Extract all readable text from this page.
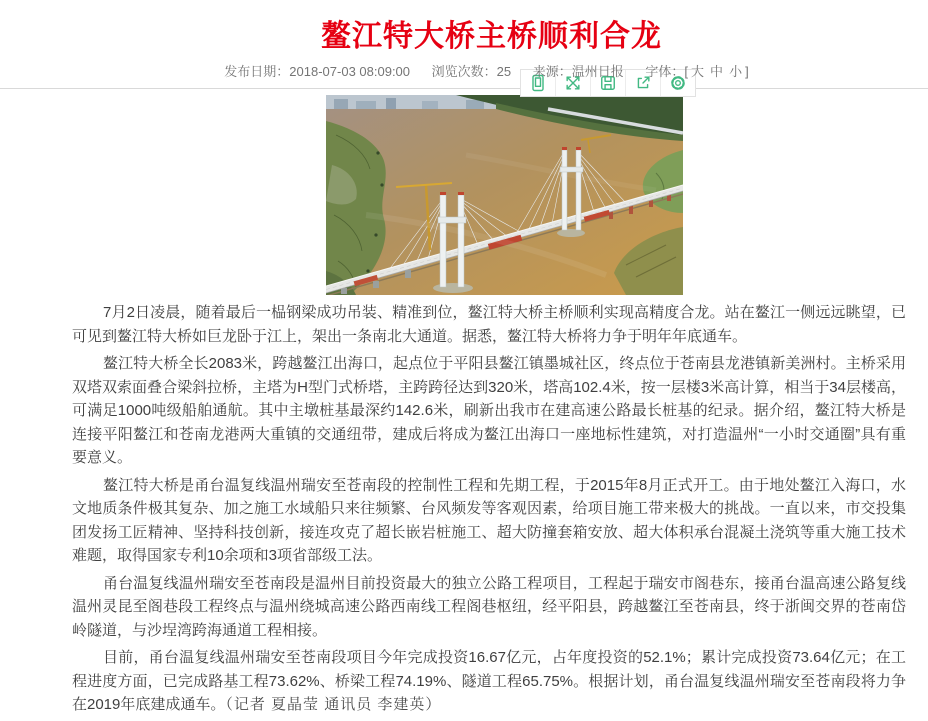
鳌江特大桥主桥顺利合龙
发布日期：2018-07-03 08:09:00 浏览次数：25 来源：温州日报 字体：[ 大 中 小 ]

7月2日凌晨，随着最后一榀钢梁成功吊装、精准到位，鳌江特大桥主桥顺利实现高精度合龙。站在鳌江一侧远远眺望，已可见到鳌江特大桥如巨龙卧于江上，架出一条南北大通道。据悉，鳌江特大桥将力争于明年年底通车。

鳌江特大桥全长2083米，跨越鳌江出海口，起点位于平阳县鳌江镇墨城社区，终点位于苍南县龙港镇新美洲村。主桥采用双塔双索面叠合梁斜拉桥，主塔为H型门式桥塔，主跨跨径达到320米，塔高102.4米，按一层楼3米高计算，相当于34层楼高，可满足1000吨级船舶通航。其中主墩桩基最深约142.6米，刷新出我市在建高速公路最长桩基的纪录。据介绍，鳌江特大桥是连接平阳鳌江和苍南龙港两大重镇的交通纽带，建成后将成为鳌江出海口一座地标性建筑，对打造温州“一小时交通圈”具有重要意义。

鳌江特大桥是甬台温复线温州瑞安至苍南段的控制性工程和先期工程，于2015年8月正式开工。由于地处鳌江入海口，水文地质条件极其复杂、加之施工水域船只来往频繁、台风频发等客观因素，给项目施工带来极大的挑战。一直以来，市交投集团发扬工匠精神、坚持科技创新，接连攻克了超长嵌岩桩施工、超大防撞套箱安放、超大体积承台混凝土浇筑等重大施工技术难题，取得国家专利10余项和3项省部级工法。

甬台温复线温州瑞安至苍南段是温州目前投资最大的独立公路工程项目，工程起于瑞安市阁巷东，接甬台温高速公路复线温州灵昆至阁巷段工程终点与温州绕城高速公路西南线工程阁巷枢纽，经平阳县，跨越鳌江至苍南县，终于浙闽交界的苍南岱岭隧道，与沙埕湾跨海通道工程相接。

目前，甬台温复线温州瑞安至苍南段项目今年完成投资16.67亿元，占年度投资的52.1%；累计完成投资73.64亿元；在工程进度方面，已完成路基工程73.62%、桥梁工程74.19%、隧道工程65.75%。根据计划，甬台温复线温州瑞安至苍南段将力争在2019年底建成通车。（记者 夏晶莹 通讯员 李建英）
